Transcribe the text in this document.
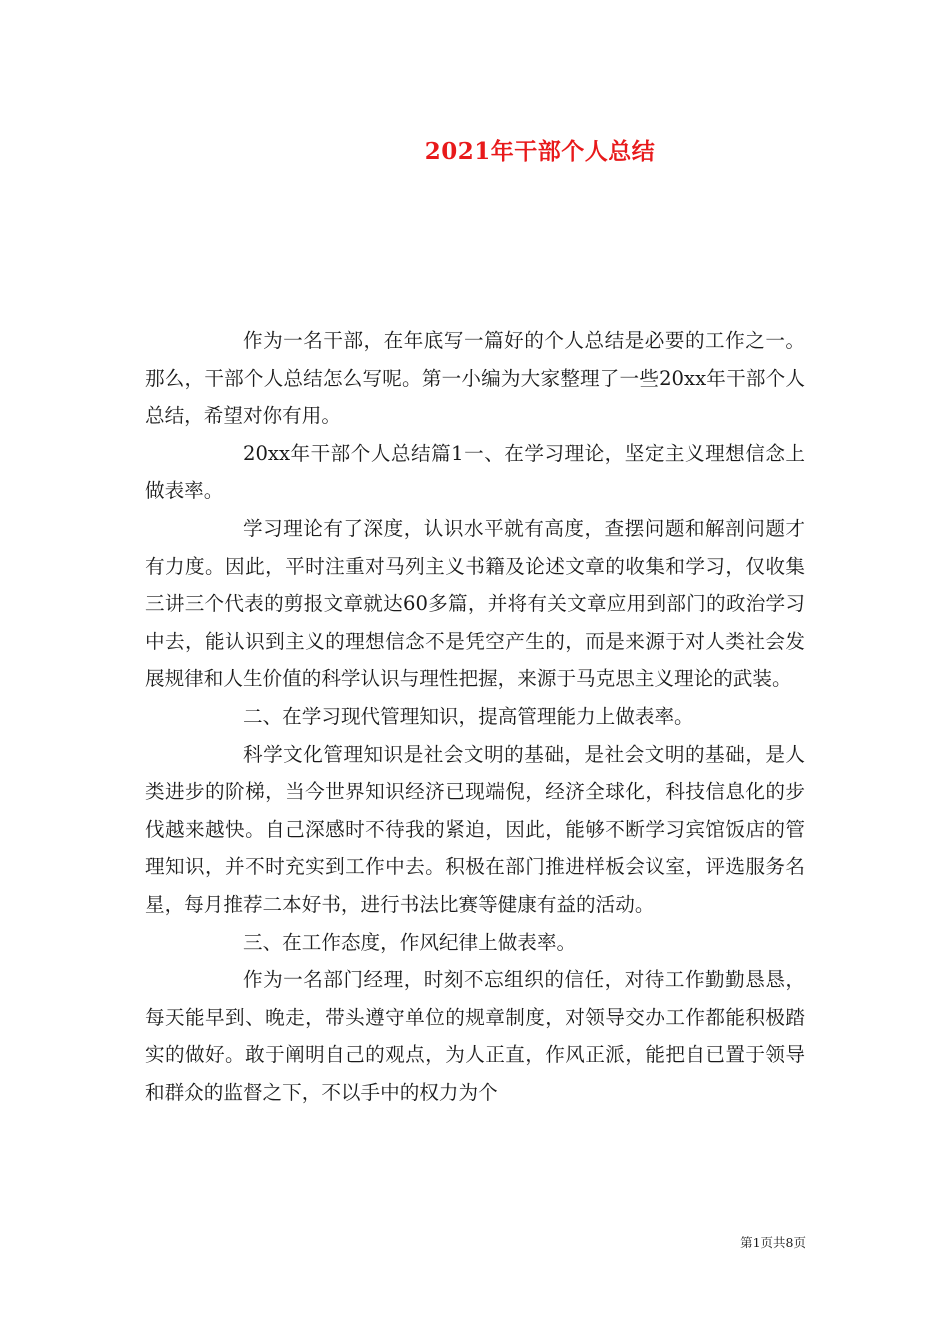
2021年干部个人总结

作为一名干部，在年底写一篇好的个人总结是必要的工作之一。那么，干部个人总结怎么写呢。第一小编为大家整理了一些20xx年干部个人总结，希望对你有用。

20xx年干部个人总结篇1一、在学习理论，坚定主义理想信念上做表率。

学习理论有了深度，认识水平就有高度，查摆问题和解剖问题才有力度。因此，平时注重对马列主义书籍及论述文章的收集和学习，仅收集三讲三个代表的剪报文章就达60多篇，并将有关文章应用到部门的政治学习中去，能认识到主义的理想信念不是凭空产生的，而是来源于对人类社会发展规律和人生价值的科学认识与理性把握，来源于马克思主义理论的武装。

二、在学习现代管理知识，提高管理能力上做表率。

科学文化管理知识是社会文明的基础，是社会文明的基础，是人类进步的阶梯，当今世界知识经济已现端倪，经济全球化，科技信息化的步伐越来越快。自己深感时不待我的紧迫，因此，能够不断学习宾馆饭店的管理知识，并不时充实到工作中去。积极在部门推进样板会议室，评选服务名星，每月推荐二本好书，进行书法比赛等健康有益的活动。

三、在工作态度，作风纪律上做表率。

作为一名部门经理，时刻不忘组织的信任，对待工作勤勤恳恳，每天能早到、晚走，带头遵守单位的规章制度，对领导交办工作都能积极踏实的做好。敢于阐明自己的观点，为人正直，作风正派，能把自已置于领导和群众的监督之下，不以手中的权力为个

第1页共8页
